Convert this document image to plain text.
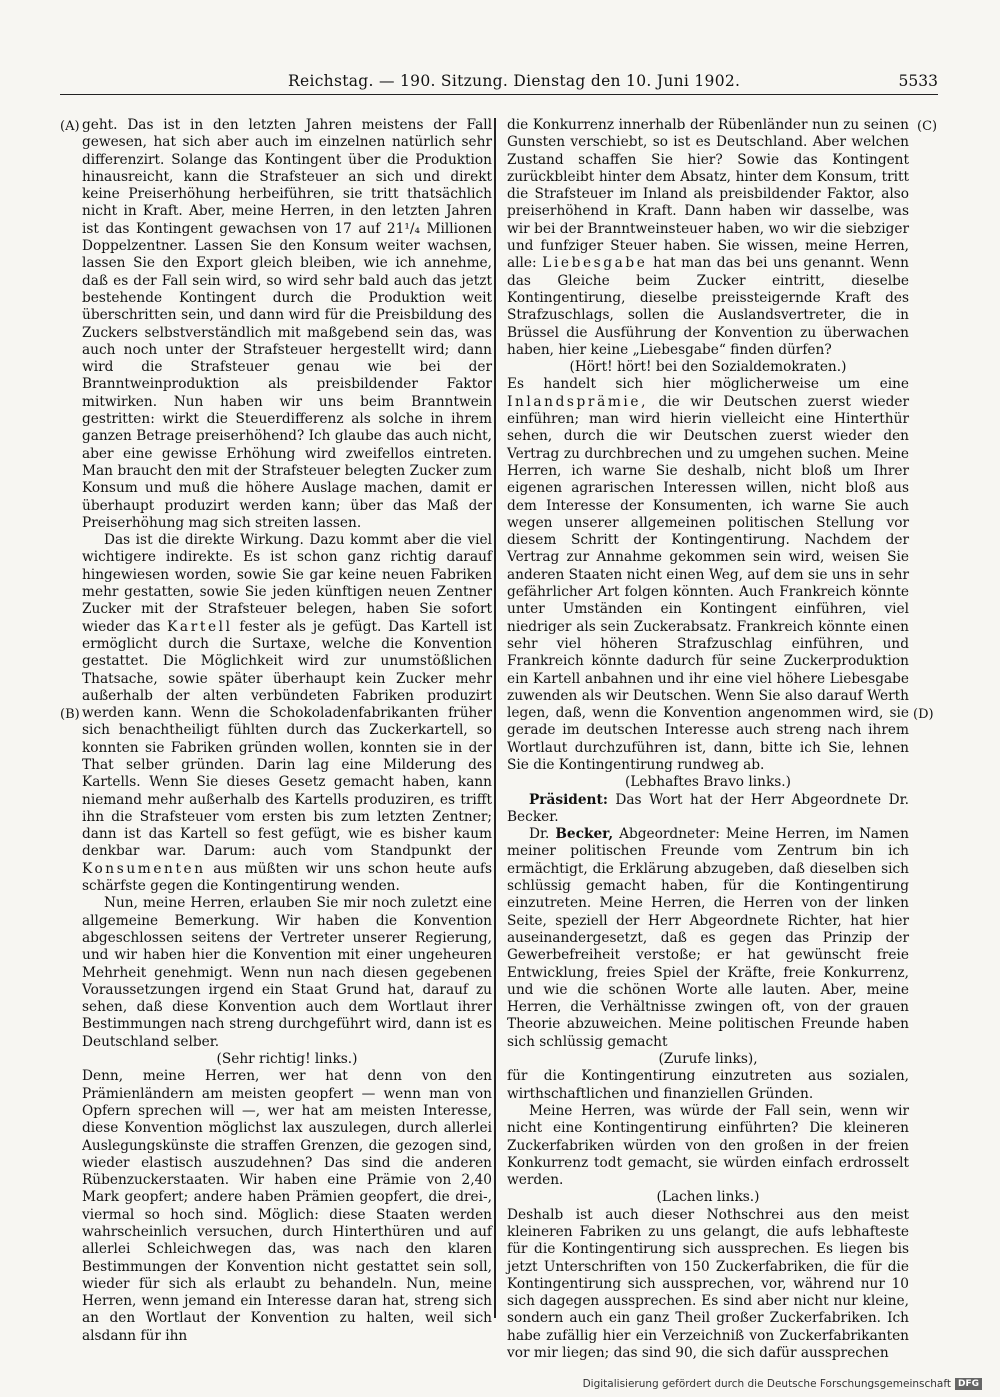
Reichstag. — 190. Sitzung. Dienstag den 10. Juni 1902.	5533
(A)
(B)
(C)
(D)

geht. Das ist in den letzten Jahren meistens der Fall gewesen, hat sich aber auch im einzelnen natürlich sehr differenzirt. Solange das Kontingent über die Produktion hinausreicht, kann die Strafsteuer an sich und direkt keine Preiserhöhung herbeiführen, sie tritt thatsächlich nicht in Kraft. Aber, meine Herren, in den letzten Jahren ist das Kontingent gewachsen von 17 auf 21¹/₄ Millionen Doppelzentner. Lassen Sie den Konsum weiter wachsen, lassen Sie den Export gleich bleiben, wie ich annehme, daß es der Fall sein wird, so wird sehr bald auch das jetzt bestehende Kontingent durch die Produktion weit überschritten sein, und dann wird für die Preisbildung des Zuckers selbstverständlich mit maßgebend sein das, was auch noch unter der Strafsteuer hergestellt wird; dann wird die Strafsteuer genau wie bei der Branntweinproduktion als preisbildender Faktor mitwirken. Nun haben wir uns beim Branntwein gestritten: wirkt die Steuerdifferenz als solche in ihrem ganzen Betrage preiserhöhend? Ich glaube das auch nicht, aber eine gewisse Erhöhung wird zweifellos eintreten. Man braucht den mit der Strafsteuer belegten Zucker zum Konsum und muß die höhere Auslage machen, damit er überhaupt produzirt werden kann; über das Maß der Preiserhöhung mag sich streiten lassen.

Das ist die direkte Wirkung. Dazu kommt aber die viel wichtigere indirekte. Es ist schon ganz richtig darauf hingewiesen worden, sowie Sie gar keine neuen Fabriken mehr gestatten, sowie Sie jeden künftigen neuen Zentner Zucker mit der Strafsteuer belegen, haben Sie sofort wieder das Kartell fester als je gefügt. Das Kartell ist ermöglicht durch die Surtaxe, welche die Konvention gestattet. Die Möglichkeit wird zur unumstößlichen Thatsache, sowie später überhaupt kein Zucker mehr außerhalb der alten verbündeten Fabriken produzirt werden kann. Wenn die Schokoladenfabrikanten früher sich benachtheiligt fühlten durch das Zuckerkartell, so konnten sie Fabriken gründen wollen, konnten sie in der That selber gründen. Darin lag eine Milderung des Kartells. Wenn Sie dieses Gesetz gemacht haben, kann niemand mehr außerhalb des Kartells produziren, es trifft ihn die Strafsteuer vom ersten bis zum letzten Zentner; dann ist das Kartell so fest gefügt, wie es bisher kaum denkbar war. Darum: auch vom Standpunkt der Konsumenten aus müßten wir uns schon heute aufs schärfste gegen die Kontingentirung wenden.

Nun, meine Herren, erlauben Sie mir noch zuletzt eine allgemeine Bemerkung. Wir haben die Konvention abgeschlossen seitens der Vertreter unserer Regierung, und wir haben hier die Konvention mit einer ungeheuren Mehrheit genehmigt. Wenn nun nach diesen gegebenen Voraussetzungen irgend ein Staat Grund hat, darauf zu sehen, daß diese Konvention auch dem Wortlaut ihrer Bestimmungen nach streng durchgeführt wird, dann ist es Deutschland selber.

(Sehr richtig! links.)

Denn, meine Herren, wer hat denn von den Prämienländern am meisten geopfert — wenn man von Opfern sprechen will —, wer hat am meisten Interesse, diese Konvention möglichst lax auszulegen, durch allerlei Auslegungskünste die straffen Grenzen, die gezogen sind, wieder elastisch auszudehnen? Das sind die anderen Rübenzuckerstaaten. Wir haben eine Prämie von 2,40 Mark geopfert; andere haben Prämien geopfert, die drei-, viermal so hoch sind. Möglich: diese Staaten werden wahrscheinlich versuchen, durch Hinterthüren und auf allerlei Schleichwegen das, was nach den klaren Bestimmungen der Konvention nicht gestattet sein soll, wieder für sich als erlaubt zu behandeln. Nun, meine Herren, wenn jemand ein Interesse daran hat, streng sich an den Wortlaut der Konvention zu halten, weil sich alsdann für ihn

die Konkurrenz innerhalb der Rübenländer nun zu seinen Gunsten verschiebt, so ist es Deutschland. Aber welchen Zustand schaffen Sie hier? Sowie das Kontingent zurückbleibt hinter dem Absatz, hinter dem Konsum, tritt die Strafsteuer im Inland als preisbildender Faktor, also preiserhöhend in Kraft. Dann haben wir dasselbe, was wir bei der Branntweinsteuer haben, wo wir die siebziger und funfziger Steuer haben. Sie wissen, meine Herren, alle: Liebesgabe hat man das bei uns genannt. Wenn das Gleiche beim Zucker eintritt, dieselbe Kontingentirung, dieselbe preissteigernde Kraft des Strafzuschlags, sollen die Auslandsvertreter, die in Brüssel die Ausführung der Konvention zu überwachen haben, hier keine „Liebesgabe“ finden dürfen?

(Hört! hört! bei den Sozialdemokraten.)

Es handelt sich hier möglicherweise um eine Inlandsprämie, die wir Deutschen zuerst wieder einführen; man wird hierin vielleicht eine Hinterthür sehen, durch die wir Deutschen zuerst wieder den Vertrag zu durchbrechen und zu umgehen suchen. Meine Herren, ich warne Sie deshalb, nicht bloß um Ihrer eigenen agrarischen Interessen willen, nicht bloß aus dem Interesse der Konsumenten, ich warne Sie auch wegen unserer allgemeinen politischen Stellung vor diesem Schritt der Kontingentirung. Nachdem der Vertrag zur Annahme gekommen sein wird, weisen Sie anderen Staaten nicht einen Weg, auf dem sie uns in sehr gefährlicher Art folgen könnten. Auch Frankreich könnte unter Umständen ein Kontingent einführen, viel niedriger als sein Zuckerabsatz. Frankreich könnte einen sehr viel höheren Strafzuschlag einführen, und Frankreich könnte dadurch für seine Zuckerproduktion ein Kartell anbahnen und ihr eine viel höhere Liebesgabe zuwenden als wir Deutschen. Wenn Sie also darauf Werth legen, daß, wenn die Konvention angenommen wird, sie gerade im deutschen Interesse auch streng nach ihrem Wortlaut durchzuführen ist, dann, bitte ich Sie, lehnen Sie die Kontingentirung rundweg ab.

(Lebhaftes Bravo links.)

Präsident: Das Wort hat der Herr Abgeordnete Dr. Becker.

Dr. Becker, Abgeordneter: Meine Herren, im Namen meiner politischen Freunde vom Zentrum bin ich ermächtigt, die Erklärung abzugeben, daß dieselben sich schlüssig gemacht haben, für die Kontingentirung einzutreten. Meine Herren, die Herren von der linken Seite, speziell der Herr Abgeordnete Richter, hat hier auseinandergesetzt, daß es gegen das Prinzip der Gewerbefreiheit verstoße; er hat gewünscht freie Entwicklung, freies Spiel der Kräfte, freie Konkurrenz, und wie die schönen Worte alle lauten. Aber, meine Herren, die Verhältnisse zwingen oft, von der grauen Theorie abzuweichen. Meine politischen Freunde haben sich schlüssig gemacht

(Zurufe links),

für die Kontingentirung einzutreten aus sozialen, wirthschaftlichen und finanziellen Gründen.

Meine Herren, was würde der Fall sein, wenn wir nicht eine Kontingentirung einführten? Die kleineren Zuckerfabriken würden von den großen in der freien Konkurrenz todt gemacht, sie würden einfach erdrosselt werden.

(Lachen links.)

Deshalb ist auch dieser Nothschrei aus den meist kleineren Fabriken zu uns gelangt, die aufs lebhafteste für die Kontingentirung sich aussprechen. Es liegen bis jetzt Unterschriften von 150 Zuckerfabriken, die für die Kontingentirung sich aussprechen, vor, während nur 10 sich dagegen aussprechen. Es sind aber nicht nur kleine, sondern auch ein ganz Theil großer Zuckerfabriken. Ich habe zufällig hier ein Verzeichniß von Zuckerfabrikanten vor mir liegen; das sind 90, die sich dafür aussprechen

Digitalisierung gefördert durch die Deutsche Forschungsgemeinschaft DFG
